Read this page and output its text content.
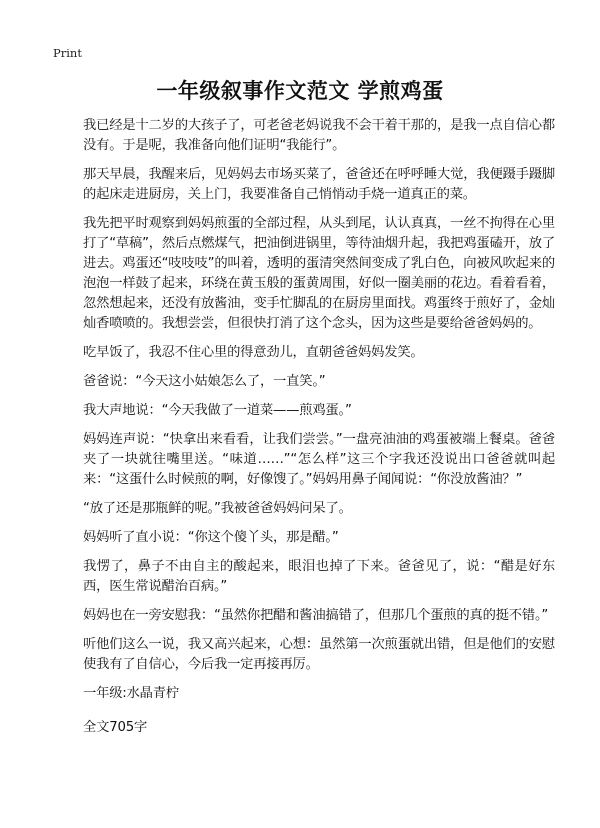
Print
一年级叙事作文范文 学煎鸡蛋

我已经是十二岁的大孩子了，可老爸老妈说我不会干着干那的，是我一点自信心都没有。于是呢，我准备向他们证明“我能行”。

那天早晨，我醒来后，见妈妈去市场买菜了，爸爸还在呼呼睡大觉，我便蹑手蹑脚的起床走进厨房，关上门，我要准备自己悄悄动手烧一道真正的菜。

我先把平时观察到妈妈煎蛋的全部过程，从头到尾，认认真真，一丝不拘得在心里打了“草稿”，然后点燃煤气，把油倒进锅里，等待油烟升起，我把鸡蛋磕开，放了进去。鸡蛋还“吱吱吱”的叫着，透明的蛋清突然间变成了乳白色，向被风吹起来的泡泡一样鼓了起来，环绕在黄玉般的蛋黄周围，好似一圈美丽的花边。看着看着，忽然想起来，还没有放酱油，变手忙脚乱的在厨房里面找。鸡蛋终于煎好了，金灿灿香喷喷的。我想尝尝，但很快打消了这个念头，因为这些是要给爸爸妈妈的。

吃早饭了，我忍不住心里的得意劲儿，直朝爸爸妈妈发笑。

爸爸说：“今天这小姑娘怎么了，一直笑。”

我大声地说：“今天我做了一道菜——煎鸡蛋。”

妈妈连声说：“快拿出来看看，让我们尝尝。”一盘亮油油的鸡蛋被端上餐桌。爸爸夹了一块就往嘴里送。“味道……”“怎么样”这三个字我还没说出口爸爸就叫起来：“这蛋什么时候煎的啊，好像馊了。”妈妈用鼻子闻闻说：“你没放酱油？”

“放了还是那瓶鲜的呢。”我被爸爸妈妈问呆了。

妈妈听了直小说：“你这个傻丫头，那是醋。”

我愣了，鼻子不由自主的酸起来，眼泪也掉了下来。爸爸见了，说：“醋是好东西，医生常说醋治百病。”

妈妈也在一旁安慰我：“虽然你把醋和酱油搞错了，但那几个蛋煎的真的挺不错。”

听他们这么一说，我又高兴起来，心想：虽然第一次煎蛋就出错，但是他们的安慰使我有了自信心，今后我一定再接再厉。

一年级:水晶青柠

全文705字
